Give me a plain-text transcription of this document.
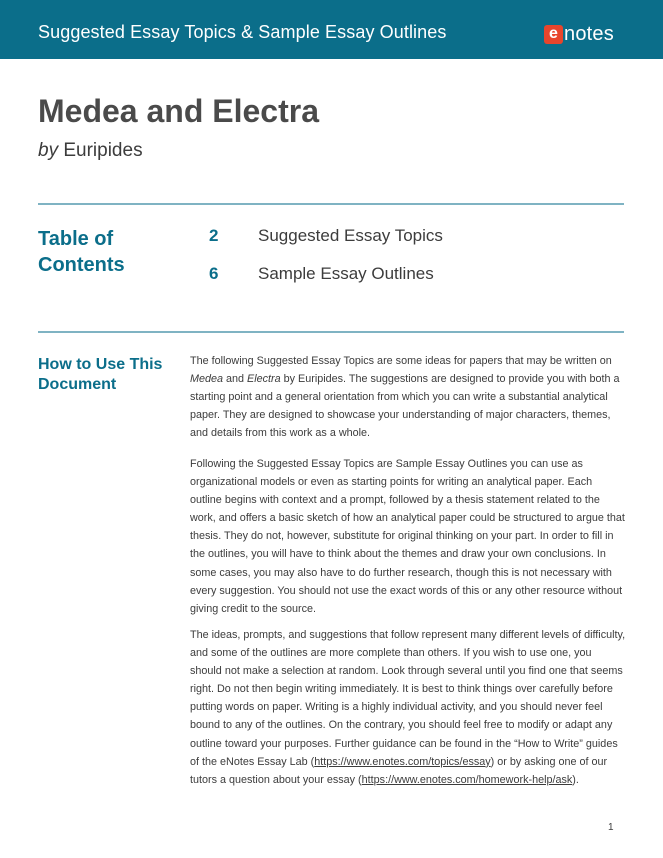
Suggested Essay Topics & Sample Essay Outlines	e notes
Medea and Electra
by Euripides
Table of Contents
2	Suggested Essay Topics
6	Sample Essay Outlines
How to Use This Document

The following Suggested Essay Topics are some ideas for papers that may be written on Medea and Electra by Euripides. The suggestions are designed to provide you with both a starting point and a general orientation from which you can write a substantial analytical paper. They are designed to showcase your understanding of major characters, themes, and details from this work as a whole.

Following the Suggested Essay Topics are Sample Essay Outlines you can use as organizational models or even as starting points for writing an analytical paper. Each outline begins with context and a prompt, followed by a thesis statement related to the work, and offers a basic sketch of how an analytical paper could be structured to argue that thesis. They do not, however, substitute for original thinking on your part. In order to fill in the outlines, you will have to think about the themes and draw your own conclusions. In some cases, you may also have to do further research, though this is not necessary with every suggestion. You should not use the exact words of this or any other resource without giving credit to the source.

The ideas, prompts, and suggestions that follow represent many different levels of difficulty, and some of the outlines are more complete than others. If you wish to use one, you should not make a selection at random. Look through several until you find one that seems right. Do not then begin writing immediately. It is best to think things over carefully before putting words on paper. Writing is a highly individual activity, and you should never feel bound to any of the outlines. On the contrary, you should feel free to modify or adapt any outline toward your purposes. Further guidance can be found in the “How to Write” guides of the eNotes Essay Lab (https://www.enotes.com/topics/essay) or by asking one of our tutors a question about your essay (https://www.enotes.com/homework-help/ask).

1
